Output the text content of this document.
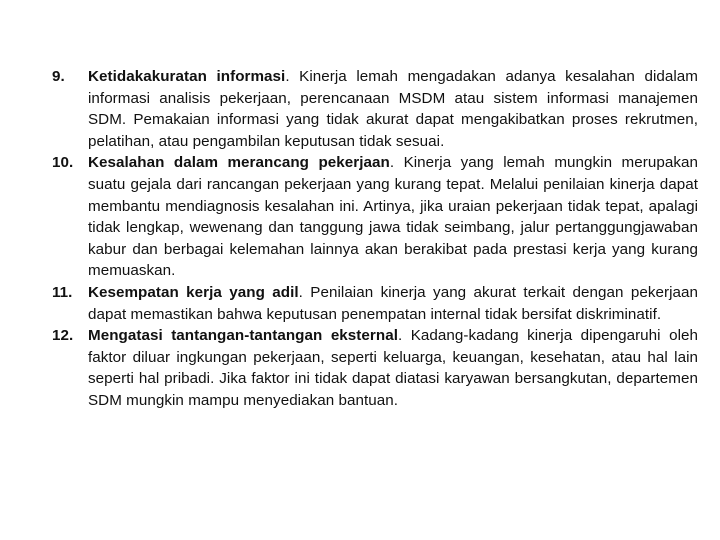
9.	Ketidakakuratan informasi. Kinerja lemah mengadakan adanya kesalahan didalam informasi analisis pekerjaan, perencanaan MSDM atau sistem informasi manajemen SDM. Pemakaian informasi yang tidak akurat dapat mengakibatkan proses rekrutmen, pelatihan, atau pengambilan keputusan tidak sesuai.
10. Kesalahan dalam merancang pekerjaan. Kinerja yang lemah mungkin merupakan suatu gejala dari rancangan pekerjaan yang kurang tepat. Melalui penilaian kinerja dapat membantu mendiagnosis kesalahan ini. Artinya, jika uraian pekerjaan tidak tepat, apalagi tidak lengkap, wewenang dan tanggung jawa tidak seimbang, jalur pertanggungjawaban kabur dan berbagai kelemahan lainnya akan berakibat pada prestasi kerja yang kurang memuaskan.
11.	Kesempatan kerja yang adil. Penilaian kinerja yang akurat terkait dengan pekerjaan dapat memastikan bahwa keputusan penempatan internal tidak bersifat diskriminatif.
12. Mengatasi tantangan-tantangan eksternal. Kadang-kadang kinerja dipengaruhi oleh faktor diluar ingkungan pekerjaan, seperti keluarga, keuangan, kesehatan, atau hal lain seperti hal pribadi. Jika faktor ini tidak dapat diatasi karyawan bersangkutan, departemen SDM mungkin mampu menyediakan bantuan.
